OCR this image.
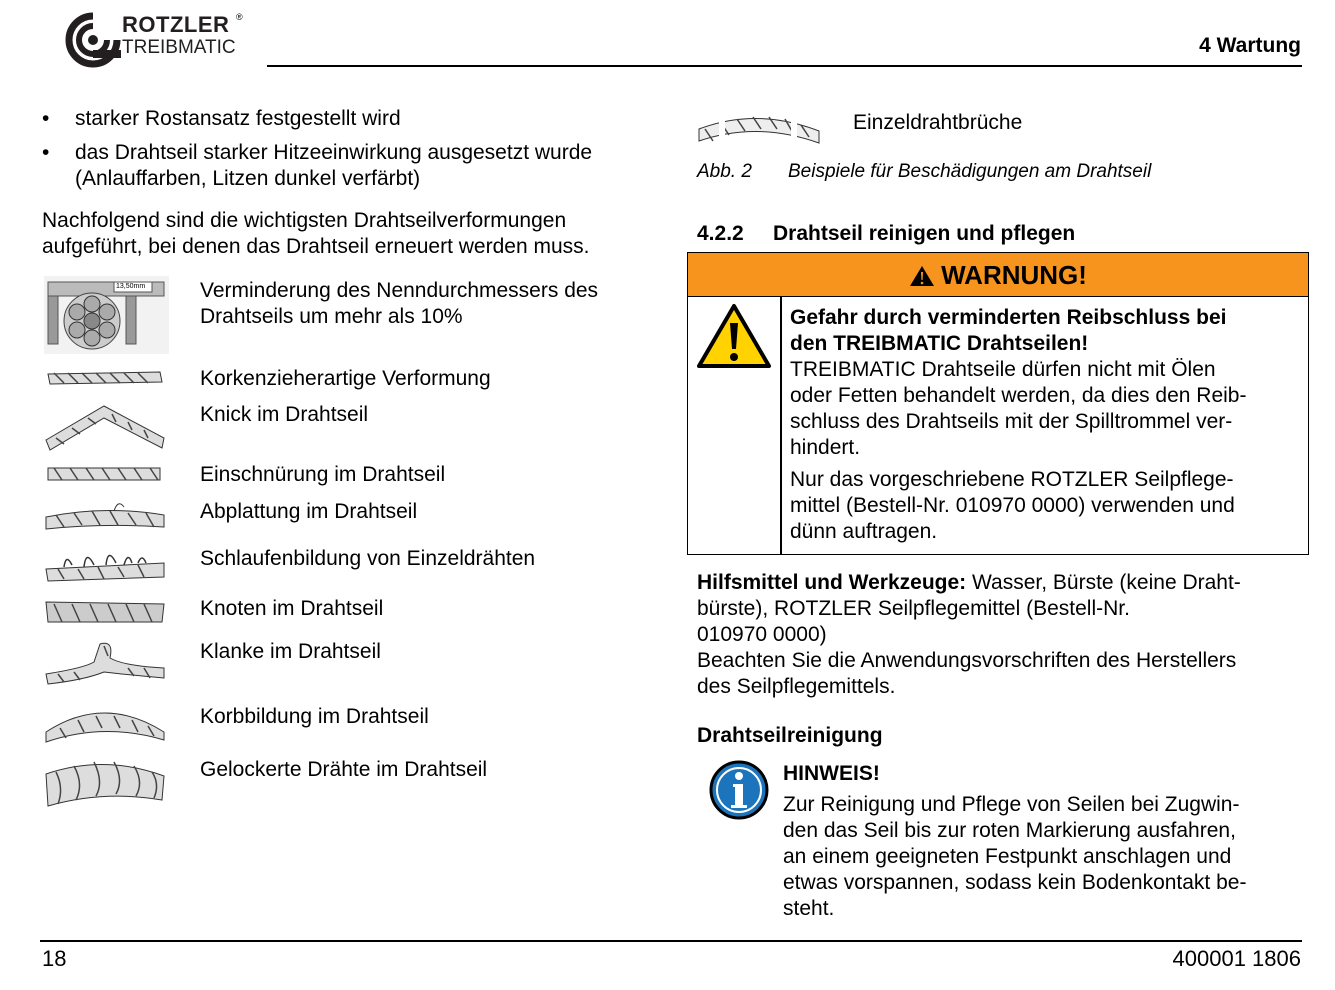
ROTZLER ®
TREIBMATIC	4 Wartung
• starker Rostansatz festgestellt wird
• das Drahtseil starker Hitzeeinwirkung ausgesetzt wurde
(Anlauffarben, Litzen dunkel verfärbt)
Nachfolgend sind die wichtigsten Drahtseilverformungen
aufgeführt, bei denen das Drahtseil erneuert werden muss.
13,50mm	Verminderung des Nenndurchmessers des
Drahtseils um mehr als 10%
Korkenzieherartige Verformung
Knick im Drahtseil
Einschnürung im Drahtseil
Abplattung im Drahtseil
Schlaufenbildung von Einzeldrähten
Knoten im Drahtseil
Klanke im Drahtseil
Korbbildung im Drahtseil
Gelockerte Drähte im Drahtseil
Einzeldrahtbrüche
Abb. 2 Beispiele für Beschädigungen am Drahtseil
4.2.2 Drahtseil reinigen und pflegen
WARNUNG!
Gefahr durch verminderten Reibschluss bei
den TREIBMATIC Drahtseilen!
TREIBMATIC Drahtseile dürfen nicht mit Ölen
oder Fetten behandelt werden, da dies den Reib-
schluss des Drahtseils mit der Spilltrommel ver-
hindert.
Nur das vorgeschriebene ROTZLER Seilpflege-
mittel (Bestell-Nr. 010970 0000) verwenden und
dünn auftragen.
Hilfsmittel und Werkzeuge: Wasser, Bürste (keine Draht-
bürste), ROTZLER Seilpflegemittel (Bestell-Nr.
010970 0000)
Beachten Sie die Anwendungsvorschriften des Herstellers
des Seilpflegemittels.
Drahtseilreinigung
HINWEIS!
Zur Reinigung und Pflege von Seilen bei Zugwin-
den das Seil bis zur roten Markierung ausfahren,
an einem geeigneten Festpunkt anschlagen und
etwas vorspannen, sodass kein Bodenkontakt be-
steht.
18	400001 1806
